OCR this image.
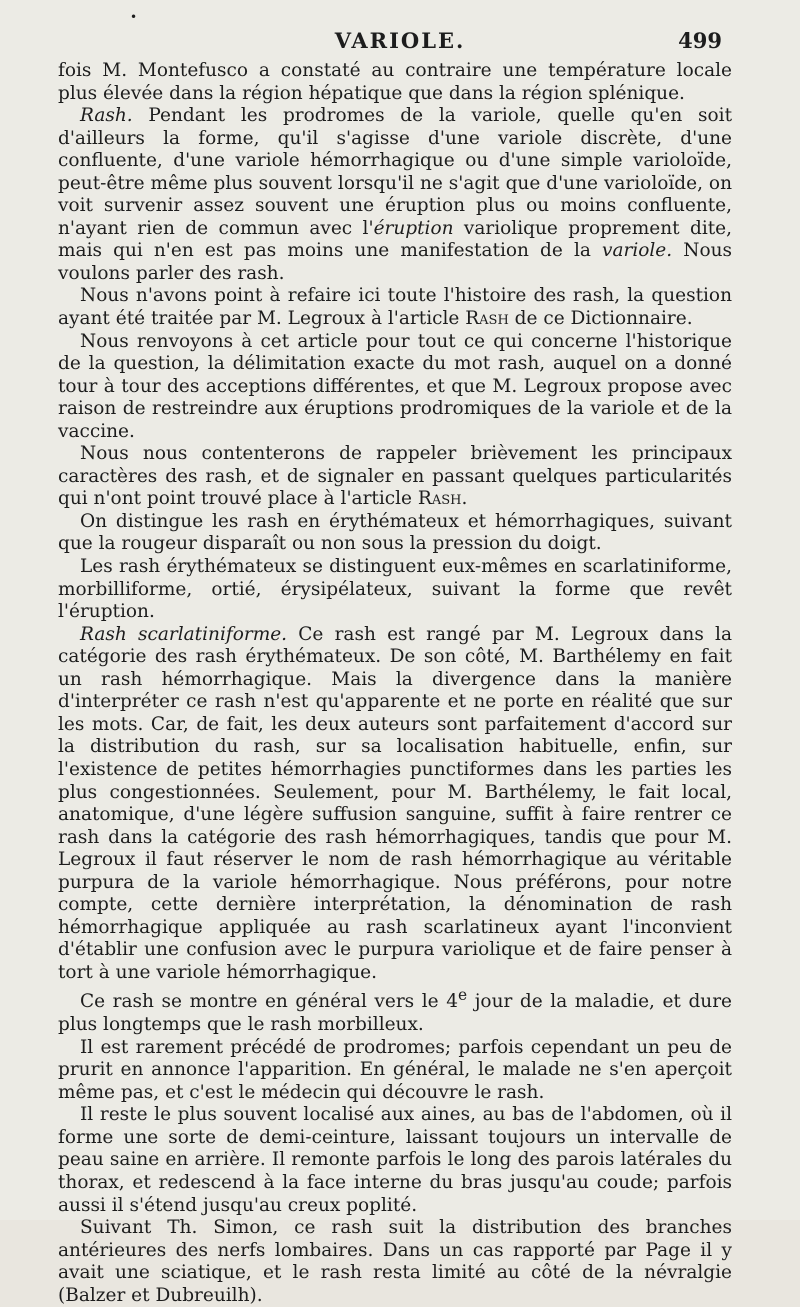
•
VARIOLE.	499

fois M. Montefusco a constaté au contraire une température locale plus élevée dans la région hépatique que dans la région splénique.

Rash. Pendant les prodromes de la variole, quelle qu'en soit d'ailleurs la forme, qu'il s'agisse d'une variole discrète, d'une confluente, d'une variole hémorrhagique ou d'une simple varioloïde, peut-être même plus souvent lorsqu'il ne s'agit que d'une varioloïde, on voit survenir assez souvent une éruption plus ou moins confluente, n'ayant rien de commun avec l'éruption variolique proprement dite, mais qui n'en est pas moins une manifestation de la variole. Nous voulons parler des rash.

Nous n'avons point à refaire ici toute l'histoire des rash, la question ayant été traitée par M. Legroux à l'article Rash de ce Dictionnaire.

Nous renvoyons à cet article pour tout ce qui concerne l'historique de la question, la délimitation exacte du mot rash, auquel on a donné tour à tour des acceptions différentes, et que M. Legroux propose avec raison de restreindre aux éruptions prodromiques de la variole et de la vaccine.

Nous nous contenterons de rappeler brièvement les principaux caractères des rash, et de signaler en passant quelques particularités qui n'ont point trouvé place à l'article Rash.

On distingue les rash en érythémateux et hémorrhagiques, suivant que la rougeur disparaît ou non sous la pression du doigt.

Les rash érythémateux se distinguent eux-mêmes en scarlatiniforme, morbilliforme, ortié, érysipélateux, suivant la forme que revêt l'éruption.

Rash scarlatiniforme. Ce rash est rangé par M. Legroux dans la catégorie des rash érythémateux. De son côté, M. Barthélemy en fait un rash hémorrhagique. Mais la divergence dans la manière d'interpréter ce rash n'est qu'apparente et ne porte en réalité que sur les mots. Car, de fait, les deux auteurs sont parfaitement d'accord sur la distribution du rash, sur sa localisation habituelle, enfin, sur l'existence de petites hémorrhagies punctiformes dans les parties les plus congestionnées. Seulement, pour M. Barthélemy, le fait local, anatomique, d'une légère suffusion sanguine, suffit à faire rentrer ce rash dans la catégorie des rash hémorrhagiques, tandis que pour M. Legroux il faut réserver le nom de rash hémorrhagique au véritable purpura de la variole hémorrhagique. Nous préférons, pour notre compte, cette dernière interprétation, la dénomination de rash hémorrhagique appliquée au rash scarlatineux ayant l'inconvient d'établir une confusion avec le purpura variolique et de faire penser à tort à une variole hémorrhagique.

Ce rash se montre en général vers le 4e jour de la maladie, et dure plus longtemps que le rash morbilleux.

Il est rarement précédé de prodromes; parfois cependant un peu de prurit en annonce l'apparition. En général, le malade ne s'en aperçoit même pas, et c'est le médecin qui découvre le rash.

Il reste le plus souvent localisé aux aines, au bas de l'abdomen, où il forme une sorte de demi-ceinture, laissant toujours un intervalle de peau saine en arrière. Il remonte parfois le long des parois latérales du thorax, et redescend à la face interne du bras jusqu'au coude; parfois aussi il s'étend jusqu'au creux poplité.

Suivant Th. Simon, ce rash suit la distribution des branches antérieures des nerfs lombaires. Dans un cas rapporté par Page il y avait une sciatique, et le rash resta limité au côté de la névralgie (Balzer et Dubreuilh).
